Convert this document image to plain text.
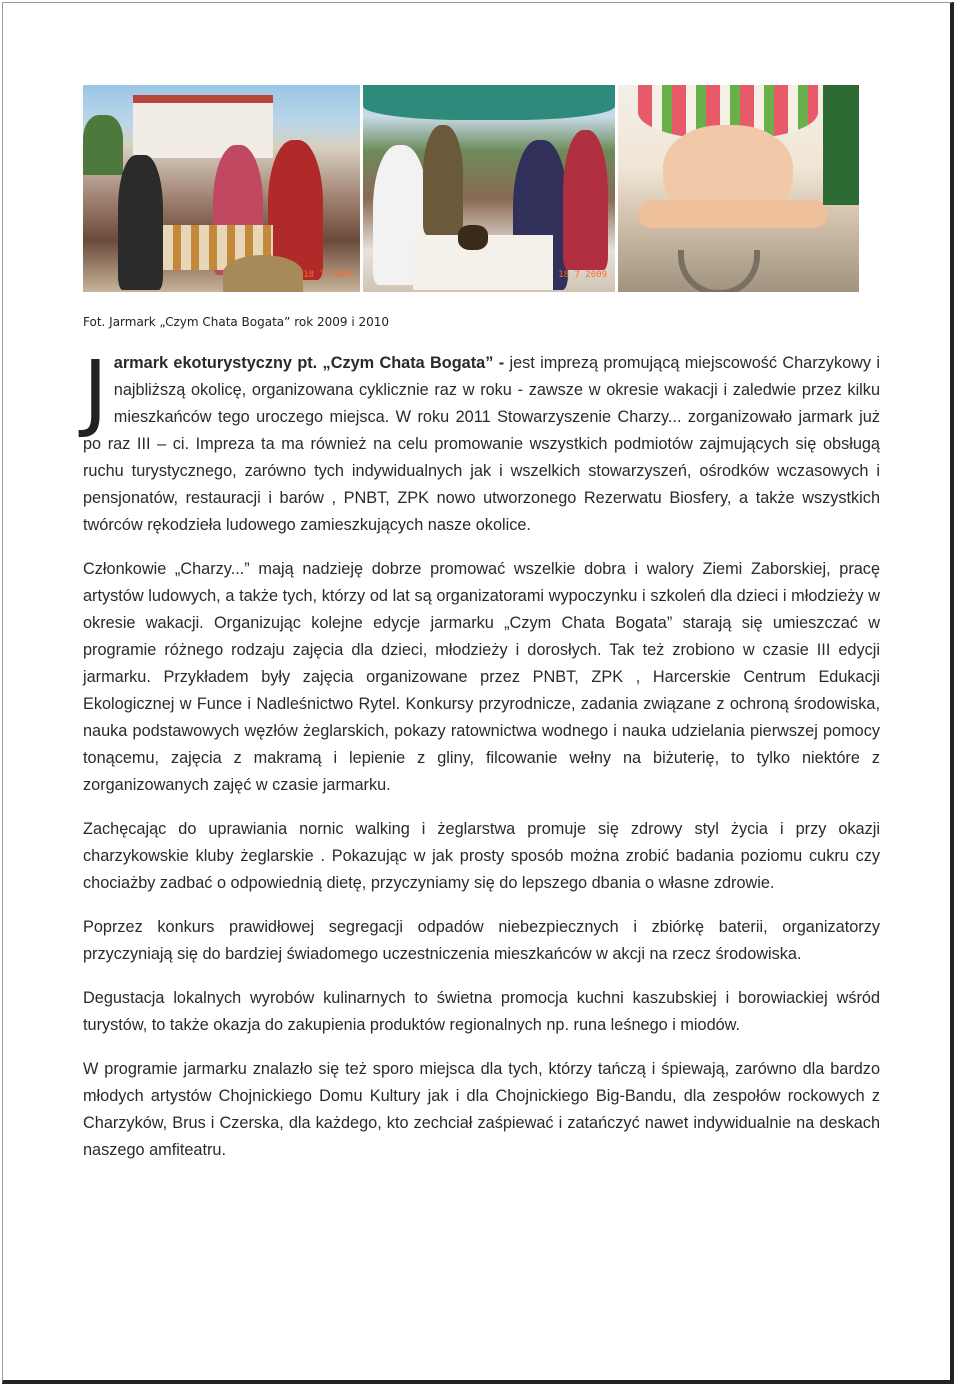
18 7 2009	18 7 2009
Fot. Jarmark „Czym Chata Bogata” rok 2009 i 2010

Jarmark ekoturystyczny pt. „Czym Chata Bogata” - jest imprezą promującą miejscowość Charzykowy i najbliższą okolicę, organizowana cyklicznie raz w roku - zawsze w okresie wakacji i zaledwie przez kilku mieszkańców tego uroczego miejsca. W roku 2011 Stowarzyszenie Charzy... zorganizowało jarmark już po raz III – ci. Impreza ta ma również na celu promowanie wszystkich podmiotów zajmujących się obsługą ruchu turystycznego, zarówno tych indywidualnych jak i wszelkich stowarzyszeń, ośrodków wczasowych i pensjonatów, restauracji i barów , PNBT, ZPK nowo utworzonego Rezerwatu Biosfery, a także wszystkich twórców rękodzieła ludowego zamieszkujących nasze okolice.

Członkowie „Charzy...” mają nadzieję dobrze promować wszelkie dobra i walory Ziemi Zaborskiej, pracę artystów ludowych, a także tych, którzy od lat są organizatorami wypoczynku i szkoleń dla dzieci i młodzieży w okresie wakacji. Organizując kolejne edycje jarmarku „Czym Chata Bogata” starają się umieszczać w programie różnego rodzaju zajęcia dla dzieci, młodzieży i dorosłych. Tak też zrobiono w czasie III edycji jarmarku. Przykładem były zajęcia organizowane przez PNBT, ZPK , Harcerskie Centrum Edukacji Ekologicznej w Funce i Nadleśnictwo Rytel. Konkursy przyrodnicze, zadania związane z ochroną środowiska, nauka podstawowych węzłów żeglarskich, pokazy ratownictwa wodnego i nauka udzielania pierwszej pomocy tonącemu, zajęcia z makramą i lepienie z gliny, filcowanie wełny na biżuterię, to tylko niektóre z zorganizowanych zajęć w czasie jarmarku.

Zachęcając do uprawiania nornic walking i żeglarstwa promuje się zdrowy styl życia i przy okazji charzykowskie kluby żeglarskie . Pokazując w jak prosty sposób można zrobić badania poziomu cukru czy chociażby zadbać o odpowiednią dietę, przyczyniamy się do lepszego dbania o własne zdrowie.

Poprzez konkurs prawidłowej segregacji odpadów niebezpiecznych i zbiórkę baterii, organizatorzy przyczyniają się do bardziej świadomego uczestniczenia mieszkańców w akcji na rzecz środowiska.

Degustacja lokalnych wyrobów kulinarnych to świetna promocja kuchni kaszubskiej i borowiackiej wśród turystów, to także okazja do zakupienia produktów regionalnych np. runa leśnego i miodów.

W programie jarmarku znalazło się też sporo miejsca dla tych, którzy tańczą i śpiewają, zarówno dla bardzo młodych artystów Chojnickiego Domu Kultury jak i dla Chojnickiego Big-Bandu, dla zespołów rockowych z Charzyków, Brus i Czerska, dla każdego, kto zechciał zaśpiewać i zatańczyć nawet indywidualnie na deskach naszego amfiteatru.
